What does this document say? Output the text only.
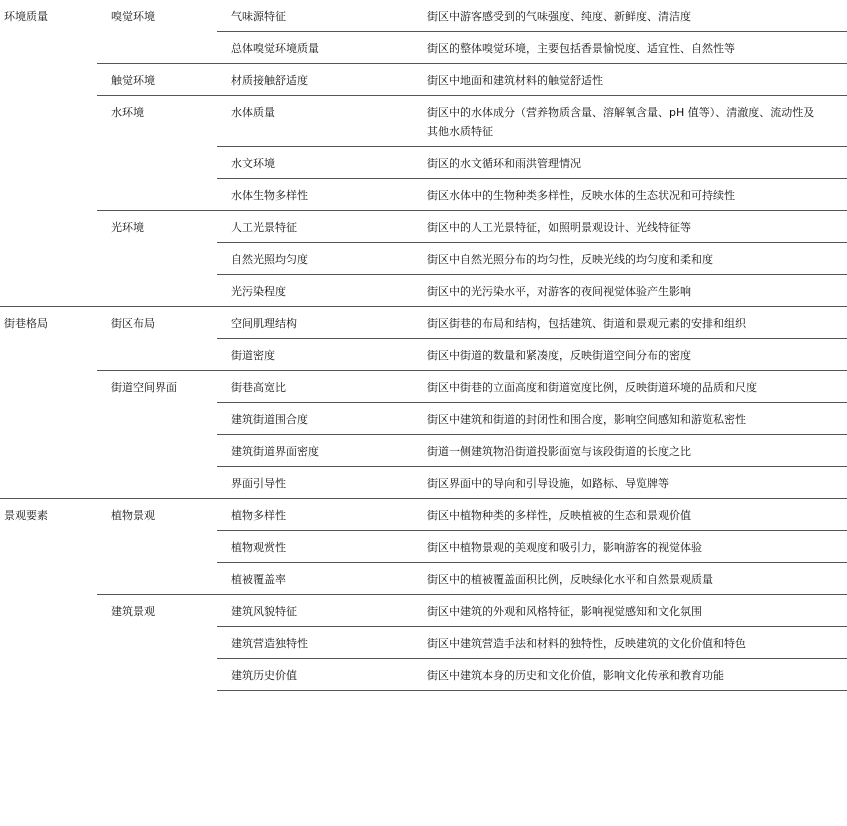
环境质量	嗅觉环境	气味源特征	街区中游客感受到的气味强度、纯度、新鲜度、清洁度
		总体嗅觉环境质量	街区的整体嗅觉环境，主要包括香景愉悦度、适宜性、自然性等
	触觉环境	材质接触舒适度	街区中地面和建筑材料的触觉舒适性
	水环境	水体质量	街区中的水体成分（营养物质含量、溶解氧含量、pH 值等）、清澈度、流动性及其他水质特征
		水文环境	街区的水文循环和雨洪管理情况
		水体生物多样性	街区水体中的生物种类多样性，反映水体的生态状况和可持续性
	光环境	人工光景特征	街区中的人工光景特征，如照明景观设计、光线特征等
		自然光照均匀度	街区中自然光照分布的均匀性，反映光线的均匀度和柔和度
		光污染程度	街区中的光污染水平，对游客的夜间视觉体验产生影响
街巷格局	街区布局	空间肌理结构	街区街巷的布局和结构，包括建筑、街道和景观元素的安排和组织
		街道密度	街区中街道的数量和紧凑度，反映街道空间分布的密度
	街道空间界面	街巷高宽比	街区中街巷的立面高度和街道宽度比例，反映街道环境的品质和尺度
		建筑街道围合度	街区中建筑和街道的封闭性和围合度，影响空间感知和游览私密性
		建筑街道界面密度	街道一侧建筑物沿街道投影面宽与该段街道的长度之比
		界面引导性	街区界面中的导向和引导设施，如路标、导览牌等
景观要素	植物景观	植物多样性	街区中植物种类的多样性，反映植被的生态和景观价值
		植物观赏性	街区中植物景观的美观度和吸引力，影响游客的视觉体验
		植被覆盖率	街区中的植被覆盖面积比例，反映绿化水平和自然景观质量
	建筑景观	建筑风貌特征	街区中建筑的外观和风格特征，影响视觉感知和文化氛围
		建筑营造独特性	街区中建筑营造手法和材料的独特性，反映建筑的文化价值和特色
		建筑历史价值	街区中建筑本身的历史和文化价值，影响文化传承和教育功能
